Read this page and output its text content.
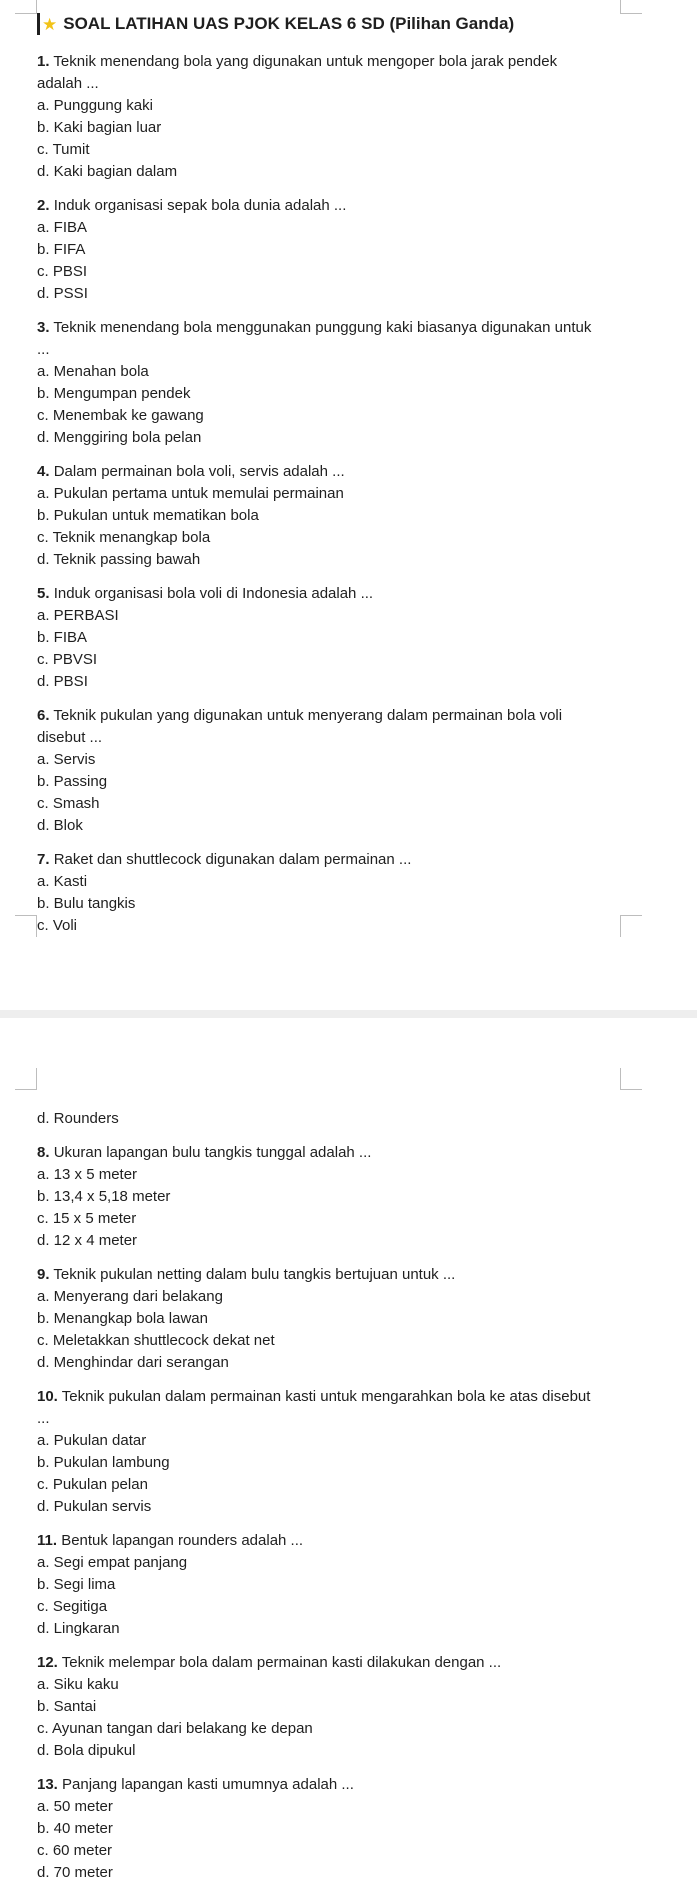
★ SOAL LATIHAN UAS PJOK KELAS 6 SD (Pilihan Ganda)
1. Teknik menendang bola yang digunakan untuk mengoper bola jarak pendek
adalah ...
a. Punggung kaki
b. Kaki bagian luar
c. Tumit
d. Kaki bagian dalam
2. Induk organisasi sepak bola dunia adalah ...
a. FIBA
b. FIFA
c. PBSI
d. PSSI
3. Teknik menendang bola menggunakan punggung kaki biasanya digunakan untuk
...
a. Menahan bola
b. Mengumpan pendek
c. Menembak ke gawang
d. Menggiring bola pelan
4. Dalam permainan bola voli, servis adalah ...
a. Pukulan pertama untuk memulai permainan
b. Pukulan untuk mematikan bola
c. Teknik menangkap bola
d. Teknik passing bawah
5. Induk organisasi bola voli di Indonesia adalah ...
a. PERBASI
b. FIBA
c. PBVSI
d. PBSI
6. Teknik pukulan yang digunakan untuk menyerang dalam permainan bola voli
disebut ...
a. Servis
b. Passing
c. Smash
d. Blok
7. Raket dan shuttlecock digunakan dalam permainan ...
a. Kasti
b. Bulu tangkis
c. Voli
d. Rounders
8. Ukuran lapangan bulu tangkis tunggal adalah ...
a. 13 x 5 meter
b. 13,4 x 5,18 meter
c. 15 x 5 meter
d. 12 x 4 meter
9. Teknik pukulan netting dalam bulu tangkis bertujuan untuk ...
a. Menyerang dari belakang
b. Menangkap bola lawan
c. Meletakkan shuttlecock dekat net
d. Menghindar dari serangan
10. Teknik pukulan dalam permainan kasti untuk mengarahkan bola ke atas disebut
...
a. Pukulan datar
b. Pukulan lambung
c. Pukulan pelan
d. Pukulan servis
11. Bentuk lapangan rounders adalah ...
a. Segi empat panjang
b. Segi lima
c. Segitiga
d. Lingkaran
12. Teknik melempar bola dalam permainan kasti dilakukan dengan ...
a. Siku kaku
b. Santai
c. Ayunan tangan dari belakang ke depan
d. Bola dipukul
13. Panjang lapangan kasti umumnya adalah ...
a. 50 meter
b. 40 meter
c. 60 meter
d. 70 meter
